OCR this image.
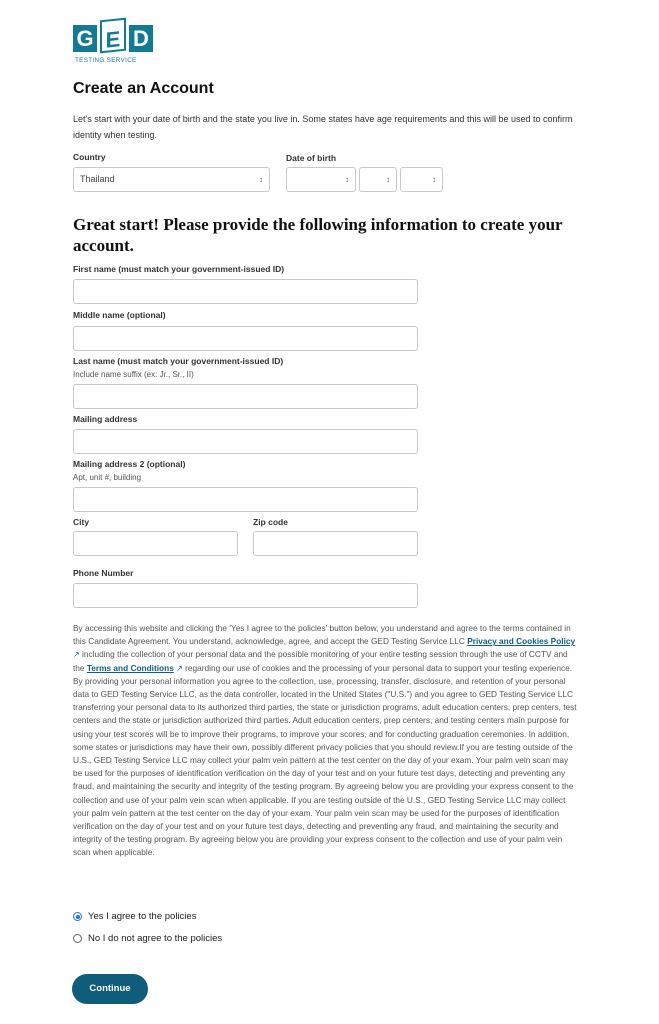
G E D
TESTING SERVICE
Create an Account

Let's start with your date of birth and the state you live in. Some states have age requirements and this will be used to confirm identity when testing.

Country
Thailand	↕
Date of birth
↕	↕	↕
Great start! Please provide the following information to create your account.
First name (must match your government-issued ID)
Middle name (optional)
Last name (must match your government-issued ID)
Include name suffix (ex: Jr., Sr., II)
Mailing address
Mailing address 2 (optional)
Apt, unit #, building
City	Zip code
Phone Number

By accessing this website and clicking the 'Yes I agree to the policies' button below, you understand and agree to the terms contained in this Candidate Agreement. You understand, acknowledge, agree, and accept the GED Testing Service LLC Privacy and Cookies Policy ↗︎ including the collection of your personal data and the possible monitoring of your entire testing session through the use of CCTV and the Terms and Conditions ↗︎ regarding our use of cookies and the processing of your personal data to support your testing experience. By providing your personal information you agree to the collection, use, processing, transfer, disclosure, and retention of your personal data to GED Testing Service LLC, as the data controller, located in the United States ("U.S.") and you agree to GED Testing Service LLC transferring your personal data to its authorized third parties, the state or jurisdiction programs, adult education centers, prep centers, test centers and the state or jurisdiction authorized third parties. Adult education centers, prep centers, and testing centers main purpose for using your test scores will be to improve their programs, to improve your scores, and for conducting graduation ceremonies. In addition, some states or jurisdictions may have their own, possibly different privacy policies that you should review.If you are testing outside of the U.S., GED Testing Service LLC may collect your palm vein pattern at the test center on the day of your exam. Your palm vein scan may be used for the purposes of identification verification on the day of your test and on your future test days, detecting and preventing any fraud, and maintaining the security and integrity of the testing program. By agreeing below you are providing your express consent to the collection and use of your palm vein scan when applicable. If you are testing outside of the U.S., GED Testing Service LLC may collect your palm vein pattern at the test center on the day of your exam. Your palm vein scan may be used for the purposes of identification verification on the day of your test and on your future test days, detecting and preventing any fraud, and maintaining the security and integrity of the testing program. By agreeing below you are providing your express consent to the collection and use of your palm vein scan when applicable.

Yes I agree to the policies
No I do not agree to the policies
Continue
